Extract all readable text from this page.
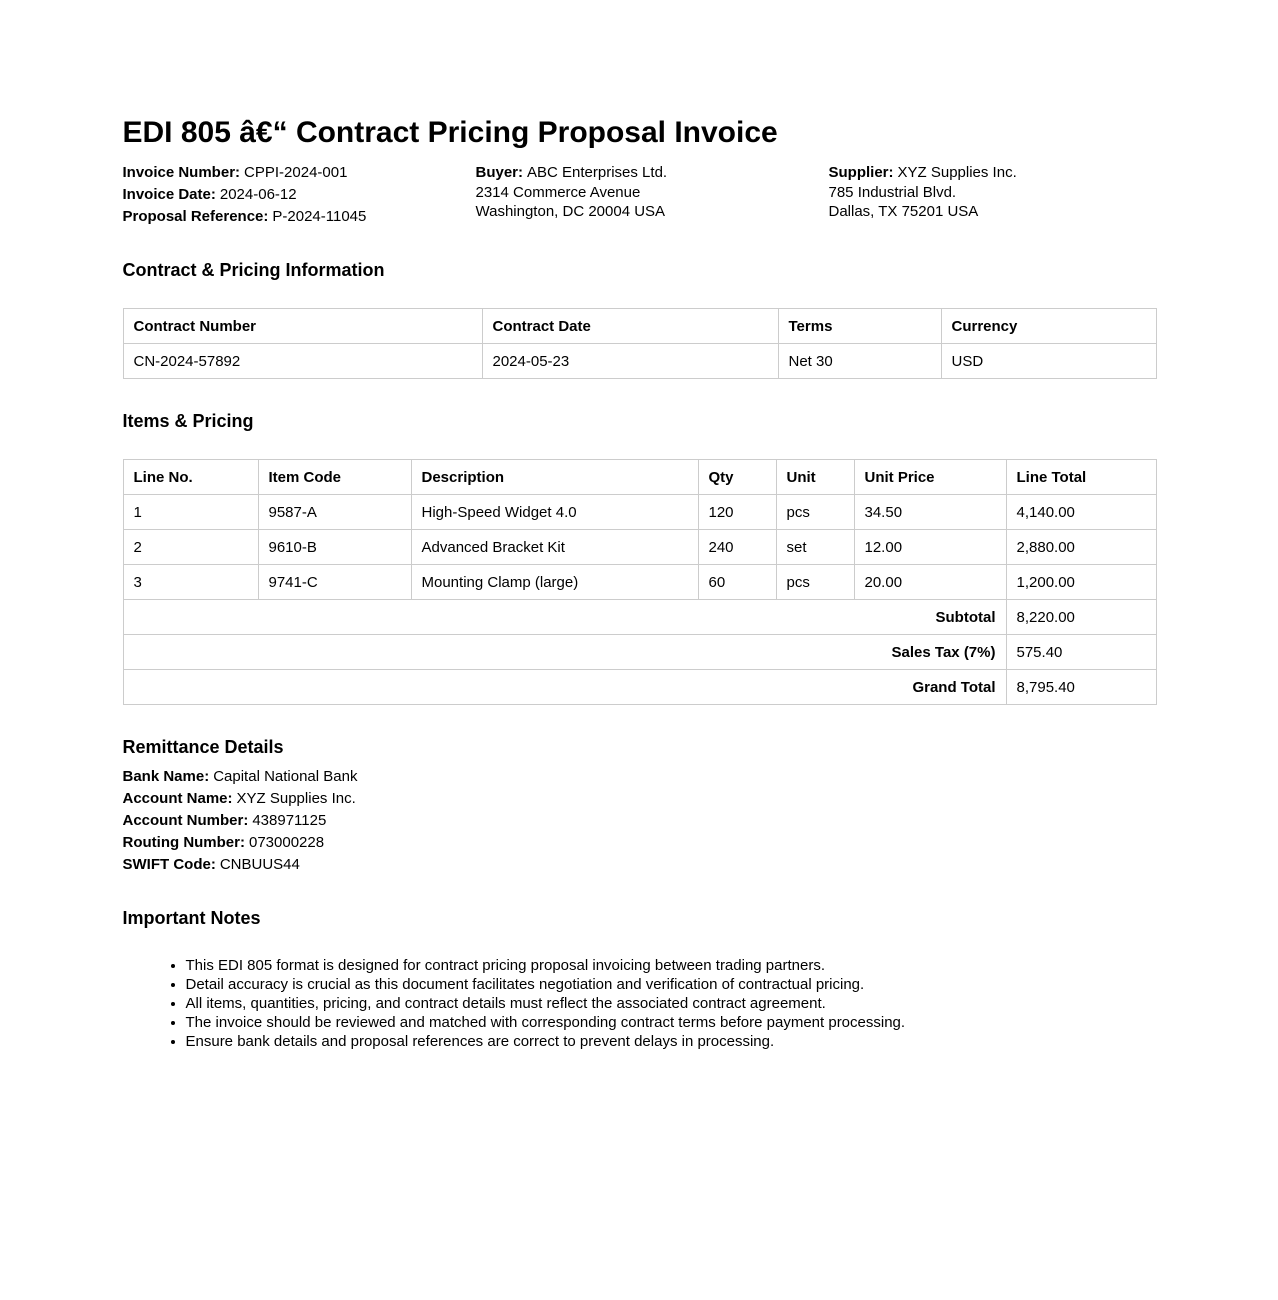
EDI 805 â€“ Contract Pricing Proposal Invoice
Invoice Number: CPPI-2024-001
Invoice Date: 2024-06-12
Proposal Reference: P-2024-11045
Buyer: ABC Enterprises Ltd.
2314 Commerce Avenue
Washington, DC 20004 USA
Supplier: XYZ Supplies Inc.
785 Industrial Blvd.
Dallas, TX 75201 USA
Contract & Pricing Information
Contract Number	Contract Date	Terms	Currency
CN-2024-57892	2024-05-23	Net 30	USD
Items & Pricing
Line No.	Item Code	Description	Qty	Unit	Unit Price	Line Total
1	9587-A	High-Speed Widget 4.0	120	pcs	34.50	4,140.00
2	9610-B	Advanced Bracket Kit	240	set	12.00	2,880.00
3	9741-C	Mounting Clamp (large)	60	pcs	20.00	1,200.00
Subtotal						8,220.00
Sales Tax (7%)						575.40
Grand Total						8,795.40
Remittance Details
Bank Name: Capital National Bank
Account Name: XYZ Supplies Inc.
Account Number: 438971125
Routing Number: 073000228
SWIFT Code: CNBUUS44
Important Notes
• This EDI 805 format is designed for contract pricing proposal invoicing between trading partners.
• Detail accuracy is crucial as this document facilitates negotiation and verification of contractual pricing.
• All items, quantities, pricing, and contract details must reflect the associated contract agreement.
• The invoice should be reviewed and matched with corresponding contract terms before payment processing.
• Ensure bank details and proposal references are correct to prevent delays in processing.
